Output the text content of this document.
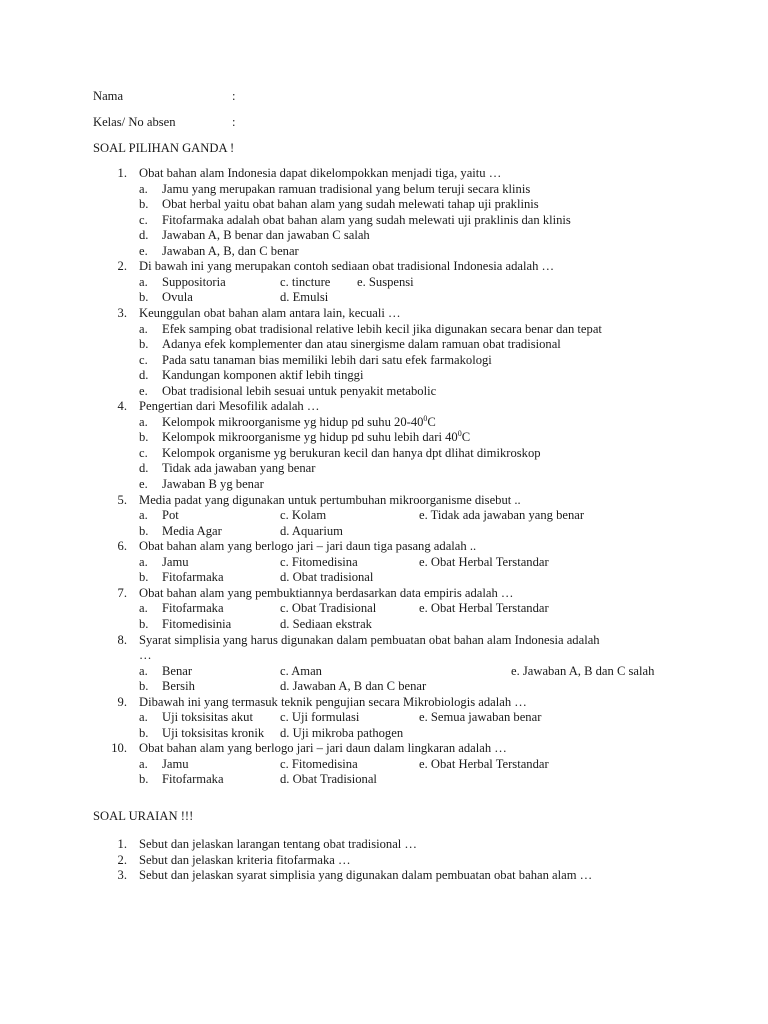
Nama	:
Kelas/ No absen	:
SOAL PILIHAN GANDA !
SOAL URAIAN !!!
1. Obat bahan alam Indonesia dapat dikelompokkan menjadi tiga, yaitu …
a. Jamu yang merupakan ramuan tradisional yang belum teruji secara klinis
b. Obat herbal yaitu obat bahan alam yang sudah melewati tahap uji praklinis
c. Fitofarmaka adalah obat bahan alam yang sudah melewati uji praklinis dan klinis
d. Jawaban A, B benar dan jawaban C salah
e. Jawaban A, B, dan C benar
2. Di bawah ini yang merupakan contoh sediaan obat tradisional Indonesia adalah …
a. Suppositoria	c. tincture e. Suspensi
b. Ovula	d. Emulsi
3. Keunggulan obat bahan alam antara lain, kecuali …
a. Efek samping obat tradisional relative lebih kecil jika digunakan secara benar dan tepat
b. Adanya efek komplementer dan atau sinergisme dalam ramuan obat tradisional
c. Pada satu tanaman bias memiliki lebih dari satu efek farmakologi
d. Kandungan komponen aktif lebih tinggi
e. Obat tradisional lebih sesuai untuk penyakit metabolic
4. Pengertian dari Mesofilik adalah …
a. Kelompok mikroorganisme yg hidup pd suhu $20-40^0C$
b. Kelompok mikroorganisme yg hidup pd suhu lebih dari $40^0C$
c. Kelompok organisme yg berukuran kecil dan hanya dpt dlihat dimikroskop
d. Tidak ada jawaban yang benar
e. Jawaban B yg benar
5. Media padat yang digunakan untuk pertumbuhan mikroorganisme disebut ..
a. Pot	c. Kolam	e. Tidak ada jawaban yang benar
b. Media Agar	d. Aquarium
6. Obat bahan alam yang berlogo jari – jari daun tiga pasang adalah ..
a. Jamu	c. Fitomedisina	e. Obat Herbal Terstandar
b. Fitofarmaka	d. Obat tradisional
7. Obat bahan alam yang pembuktiannya berdasarkan data empiris adalah …
a. Fitofarmaka	c. Obat Tradisional	e. Obat Herbal Terstandar
b. Fitomedisinia	d. Sediaan ekstrak
8. Syarat simplisia yang harus digunakan dalam pembuatan obat bahan alam Indonesia adalah
…
a. Benar	c. Aman	e. Jawaban A, B dan C salah
b. Bersih	d. Jawaban A, B dan C benar
9. Dibawah ini yang termasuk teknik pengujian secara Mikrobiologis adalah …
a. Uji toksisitas akut c. Uji formulasi	e. Semua jawaban benar
b. Uji toksisitas kronik d. Uji mikroba pathogen
10. Obat bahan alam yang berlogo jari – jari daun dalam lingkaran adalah …
a. Jamu	c. Fitomedisina	e. Obat Herbal Terstandar
b. Fitofarmaka	d. Obat Tradisional
1. Sebut dan jelaskan larangan tentang obat tradisional …
2. Sebut dan jelaskan kriteria fitofarmaka …
3. Sebut dan jelaskan syarat simplisia yang digunakan dalam pembuatan obat bahan alam …
